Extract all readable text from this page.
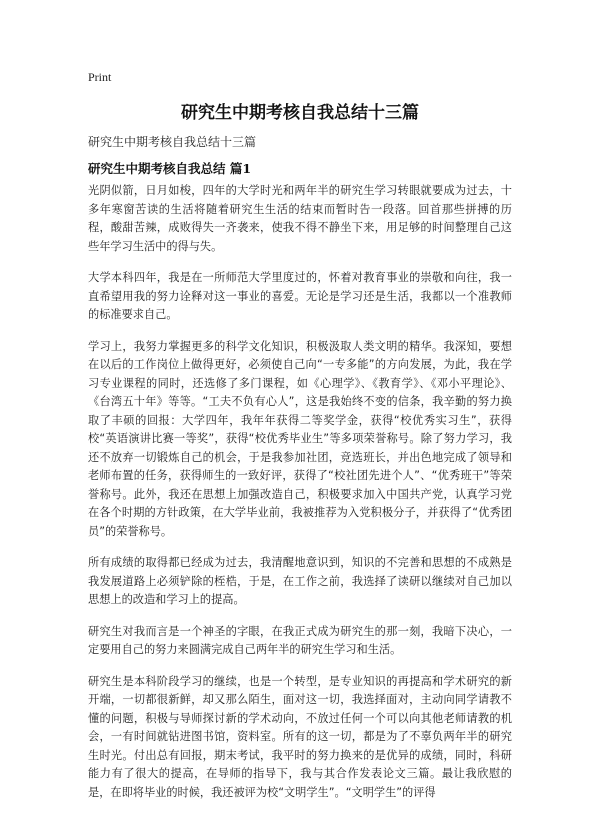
Print
研究生中期考核自我总结十三篇
研究生中期考核自我总结十三篇
研究生中期考核自我总结 篇1

光阴似箭，日月如梭，四年的大学时光和两年半的研究生学习转眼就要成为过去，十多年寒窗苦读的生活将随着研究生生活的结束而暂时告一段落。回首那些拼搏的历程，酸甜苦辣，成败得失一齐袭来，使我不得不静坐下来，用足够的时间整理自己这些年学习生活中的得与失。

大学本科四年，我是在一所师范大学里度过的，怀着对教育事业的崇敬和向往，我一直希望用我的努力诠释对这一事业的喜爱。无论是学习还是生活，我都以一个准教师的标准要求自己。

学习上，我努力掌握更多的科学文化知识，积极汲取人类文明的精华。我深知，要想在以后的工作岗位上做得更好，必须使自己向“一专多能”的方向发展，为此，我在学习专业课程的同时，还选修了多门课程，如《心理学》、《教育学》、《邓小平理论》、《台湾五十年》等等。“工夫不负有心人”，这是我始终不变的信条，我辛勤的努力换取了丰硕的回报：大学四年，我年年获得二等奖学金，获得“校优秀实习生”，获得校“英语演讲比赛一等奖”，获得“校优秀毕业生”等多项荣誉称号。除了努力学习，我还不放弃一切锻炼自己的机会，于是我参加社团，竞选班长，并出色地完成了领导和老师布置的任务，获得师生的一致好评，获得了“校社团先进个人”、“优秀班干”等荣誉称号。此外，我还在思想上加强改造自己，积极要求加入中国共产党，认真学习党在各个时期的方针政策，在大学毕业前，我被推荐为入党积极分子，并获得了“优秀团员”的荣誉称号。

所有成绩的取得都已经成为过去，我清醒地意识到，知识的不完善和思想的不成熟是我发展道路上必须铲除的桎梏，于是，在工作之前，我选择了读研以继续对自己加以思想上的改造和学习上的提高。

研究生对我而言是一个神圣的字眼，在我正式成为研究生的那一刻，我暗下决心，一定要用自己的努力来圆满完成自己两年半的研究生学习和生活。

研究生是本科阶段学习的继续，也是一个转型，是专业知识的再提高和学术研究的新开端，一切都很新鲜，却又那么陌生，面对这一切，我选择面对，主动向同学请教不懂的问题，积极与导师探讨新的学术动向，不放过任何一个可以向其他老师请教的机会，一有时间就钻进图书馆，资料室。所有的这一切，都是为了不辜负两年半的研究生时光。付出总有回报，期末考试，我平时的努力换来的是优异的成绩，同时，科研能力有了很大的提高，在导师的指导下，我与其合作发表论文三篇。最让我欣慰的是，在即将毕业的时候，我还被评为校“文明学生”。“文明学生”的评得
